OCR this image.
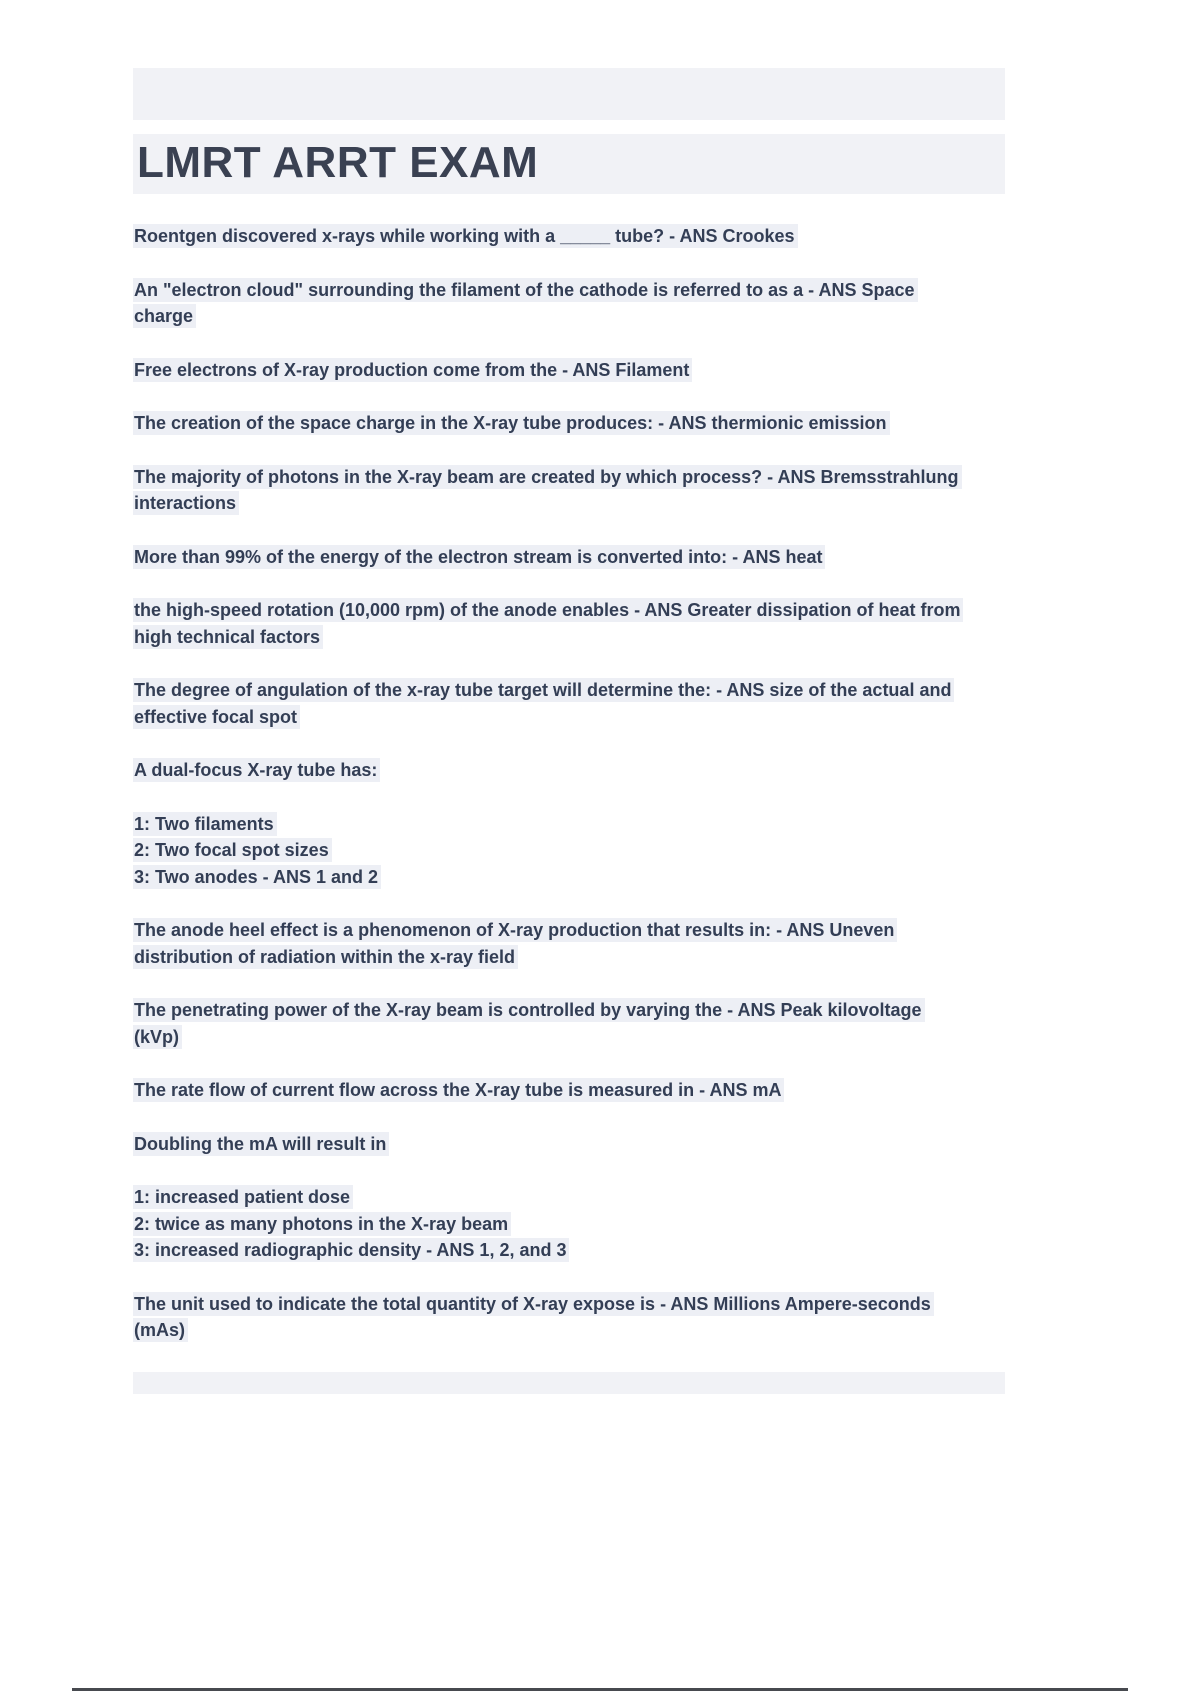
LMRT ARRT EXAM
Roentgen discovered x-rays while working with a _____ tube? - ANS Crookes
An "electron cloud" surrounding the filament of the cathode is referred to as a - ANS Space
charge
Free electrons of X-ray production come from the - ANS Filament
The creation of the space charge in the X-ray tube produces: - ANS thermionic emission
The majority of photons in the X-ray beam are created by which process? - ANS Bremsstrahlung
interactions
More than 99% of the energy of the electron stream is converted into: - ANS heat
the high-speed rotation (10,000 rpm) of the anode enables - ANS Greater dissipation of heat from
high technical factors
The degree of angulation of the x-ray tube target will determine the: - ANS size of the actual and
effective focal spot
A dual-focus X-ray tube has:
1: Two filaments
2: Two focal spot sizes
3: Two anodes - ANS 1 and 2
The anode heel effect is a phenomenon of X-ray production that results in: - ANS Uneven
distribution of radiation within the x-ray field
The penetrating power of the X-ray beam is controlled by varying the - ANS Peak kilovoltage
(kVp)
The rate flow of current flow across the X-ray tube is measured in - ANS mA
Doubling the mA will result in
1: increased patient dose
2: twice as many photons in the X-ray beam
3: increased radiographic density - ANS 1, 2, and 3
The unit used to indicate the total quantity of X-ray expose is - ANS Millions Ampere-seconds
(mAs)
